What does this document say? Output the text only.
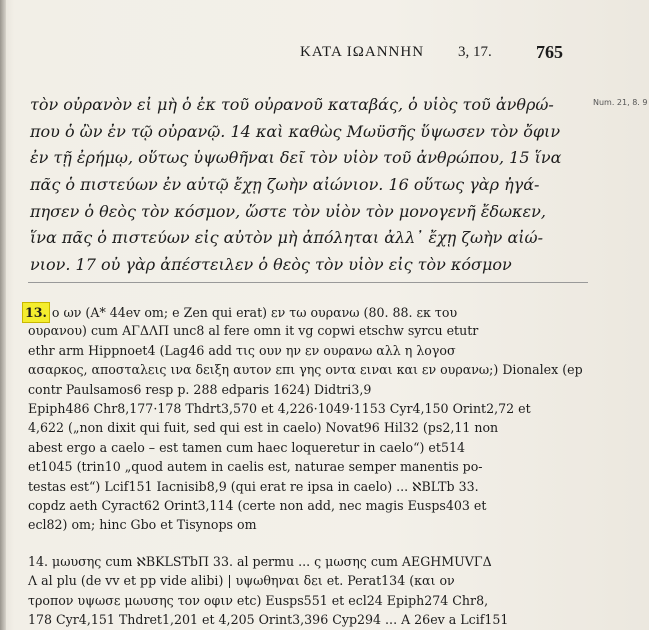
ΚΑΤΑ ΙΩΑΝΝΗΝ 3, 17. 765
τὸν οὐρανὸν εἰ μὴ ὁ ἐκ τοῦ οὐρανοῦ καταβάς, ὁ υἱὸς τοῦ ἀνθρώ-
που ὁ ὢν ἐν τῷ οὐρανῷ. 14 καὶ καθὼς Μωϋσῆς ὕψωσεν τὸν ὄφιν
ἐν τῇ ἐρήμῳ, οὕτως ὑψωθῆναι δεῖ τὸν υἱὸν τοῦ ἀνθρώπου, 15 ἵνα
πᾶς ὁ πιστεύων ἐν αὐτῷ ἔχῃ ζωὴν αἰώνιον. 16 οὕτως γὰρ ἠγά-
πησεν ὁ θεὸς τὸν κόσμον, ὥστε τὸν υἱὸν τὸν μονογενῆ ἔδωκεν,
ἵνα πᾶς ὁ πιστεύων εἰς αὐτὸν μὴ ἀπόληται ἀλλ᾽ ἔχῃ ζωὴν αἰώ-
νιον. 17 οὐ γὰρ ἀπέστειλεν ὁ θεὸς τὸν υἱὸν εἰς τὸν κόσμον
Num. 21, 8. 9
13. ο ων (Α* 44ev om; e Zen qui erat) εν τω ουρανω (80. 88. εκ του
ουρανου) cum ΑΓΔΛΠ unc8 al fere omn it vg copwi etschw syrcu etutr
ethr arm Hippnoet4 (Lag46 add τις ουν ην εν ουρανω αλλ η λογοσ
ασαρκος, αποσταλεις ινα δειξη αυτον επι γης οντα ειναι και εν ουρανω;) Dionalex (ep contr Paulsamos6 resp p. 288 edparis 1624) Didtri3,9
Epiph486 Chr8,177·178 Thdrt3,570 et 4,226·1049·1153 Cyr4,150 Orint2,72 et
4,622 („non dixit qui fuit, sed qui est in caelo) Novat96 Hil32 (ps2,11 non
abest ergo a caelo – est tamen cum haec loqueretur in caelo“) et514
et1045 (trin10 „quod autem in caelis est, naturae semper manentis po-
testas est“) Lcif151 Iacnisib8,9 (qui erat re ipsa in caelo) ... ℵBLTb 33.
copdz aeth Cyract62 Orint3,114 (certe non add, nec magis Eusps403 et
ecl82) om; hinc Gbo et Tisynops om
14. μωυσης cum ℵBKLSTbΠ 33. al permu ... ς μωσης cum ΑΕGHMUVΓΔ
Λ al plu (de vv et pp vide alibi) | υψωθηναι δει et. Perat134 (και ον
τροπον υψωσε μωυσης τον οφιν etc) Eusps551 et ecl24 Epiph274 Chr8,
178 Cyr4,151 Thdret1,201 et 4,205 Orint3,396 Cyp294 ... Α 26ev a Lcif151
